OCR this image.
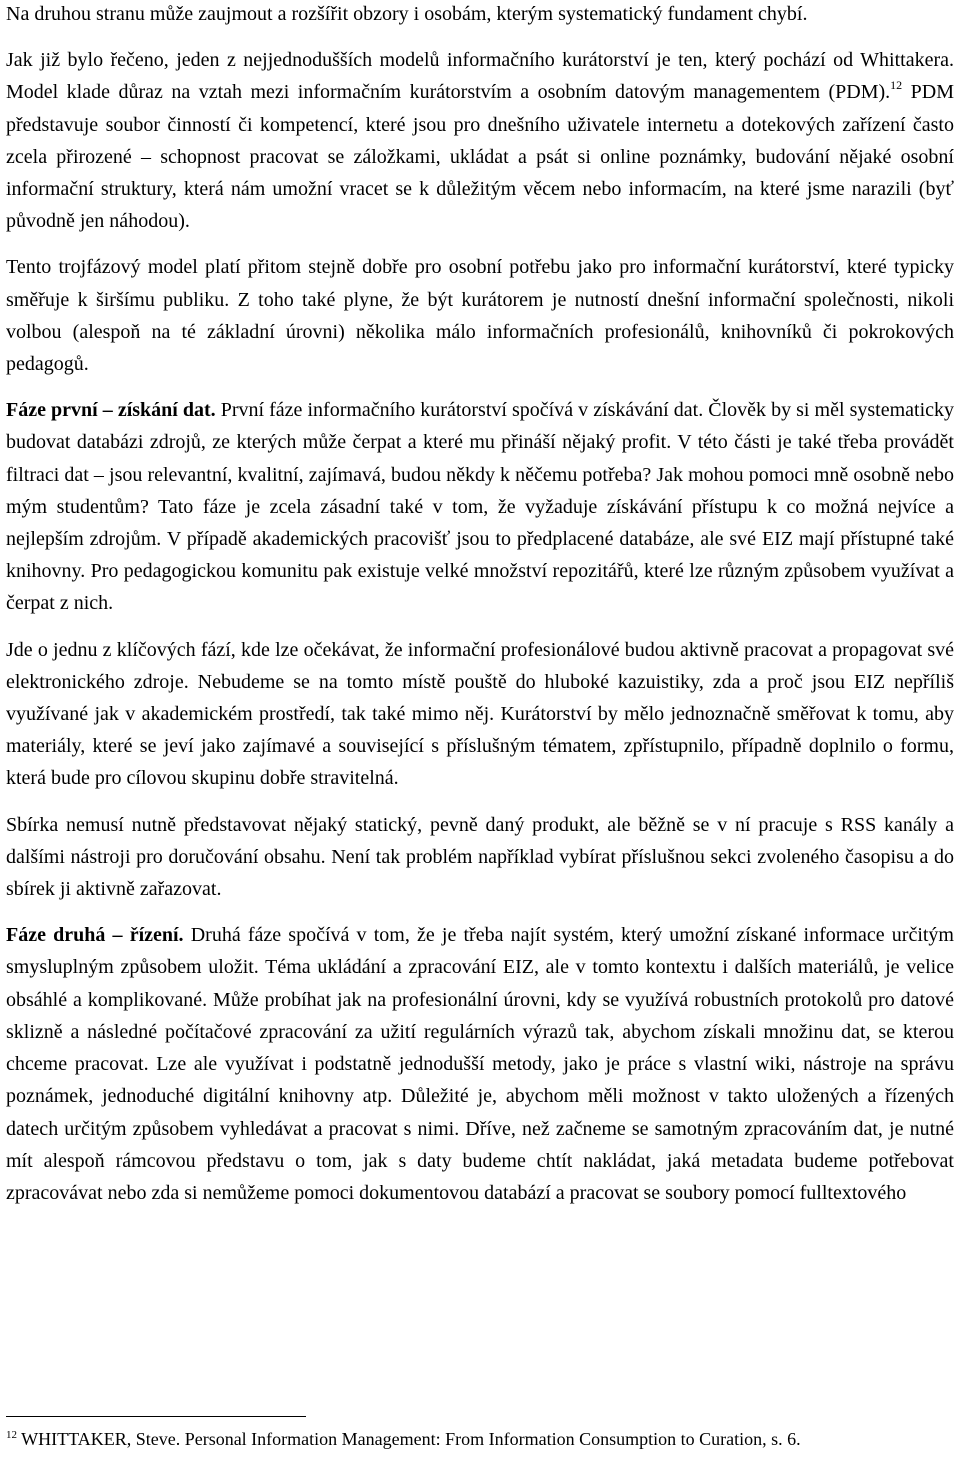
Na druhou stranu může zaujmout a rozšířit obzory i osobám, kterým systematický fundament chybí.

Jak již bylo řečeno, jeden z nejjednodušších modelů informačního kurátorství je ten, který pochází od Whittakera. Model klade důraz na vztah mezi informačním kurátorstvím a osobním datovým managementem (PDM).$^{12}$ PDM představuje soubor činností či kompetencí, které jsou pro dnešního uživatele internetu a dotekových zařízení často zcela přirozené – schopnost pracovat se záložkami, ukládat a psát si online poznámky, budování nějaké osobní informační struktury, která nám umožní vracet se k důležitým věcem nebo informacím, na které jsme narazili (byť původně jen náhodou).

Tento trojfázový model platí přitom stejně dobře pro osobní potřebu jako pro informační kurátorství, které typicky směřuje k širšímu publiku. Z toho také plyne, že být kurátorem je nutností dnešní informační společnosti, nikoli volbou (alespoň na té základní úrovni) několika málo informačních profesionálů, knihovníků či pokrokových pedagogů.

Fáze první – získání dat. První fáze informačního kurátorství spočívá v získávání dat. Člověk by si měl systematicky budovat databázi zdrojů, ze kterých může čerpat a které mu přináší nějaký profit. V této části je také třeba provádět filtraci dat – jsou relevantní, kvalitní, zajímavá, budou někdy k něčemu potřeba? Jak mohou pomoci mně osobně nebo mým studentům? Tato fáze je zcela zásadní také v tom, že vyžaduje získávání přístupu k co možná nejvíce a nejlepším zdrojům. V případě akademických pracovišť jsou to předplacené databáze, ale své EIZ mají přístupné také knihovny. Pro pedagogickou komunitu pak existuje velké množství repozitářů, které lze různým způsobem využívat a čerpat z nich.

Jde o jednu z klíčových fází, kde lze očekávat, že informační profesionálové budou aktivně pracovat a propagovat své elektronického zdroje. Nebudeme se na tomto místě pouště do hluboké kazuistiky, zda a proč jsou EIZ nepříliš využívané jak v akademickém prostředí, tak také mimo něj. Kurátorství by mělo jednoznačně směřovat k tomu, aby materiály, které se jeví jako zajímavé a související s příslušným tématem, zpřístupnilo, případně doplnilo o formu, která bude pro cílovou skupinu dobře stravitelná.

Sbírka nemusí nutně představovat nějaký statický, pevně daný produkt, ale běžně se v ní pracuje s RSS kanály a dalšími nástroji pro doručování obsahu. Není tak problém například vybírat příslušnou sekci zvoleného časopisu a do sbírek ji aktivně zařazovat.

Fáze druhá – řízení. Druhá fáze spočívá v tom, že je třeba najít systém, který umožní získané informace určitým smysluplným způsobem uložit. Téma ukládání a zpracování EIZ, ale v tomto kontextu i dalších materiálů, je velice obsáhlé a komplikované. Může probíhat jak na profesionální úrovni, kdy se využívá robustních protokolů pro datové sklizně a následné počítačové zpracování za užití regulárních výrazů tak, abychom získali množinu dat, se kterou chceme pracovat. Lze ale využívat i podstatně jednodušší metody, jako je práce s vlastní wiki, nástroje na správu poznámek, jednoduché digitální knihovny atp. Důležité je, abychom měli možnost v takto uložených a řízených datech určitým způsobem vyhledávat a pracovat s nimi. Dříve, než začneme se samotným zpracováním dat, je nutné mít alespoň rámcovou představu o tom, jak s daty budeme chtít nakládat, jaká metadata budeme potřebovat zpracovávat nebo zda si nemůžeme pomoci dokumentovou databází a pracovat se soubory pomocí fulltextového

$^{12}$ WHITTAKER, Steve. Personal Information Management: From Information Consumption to Curation, s. 6.
